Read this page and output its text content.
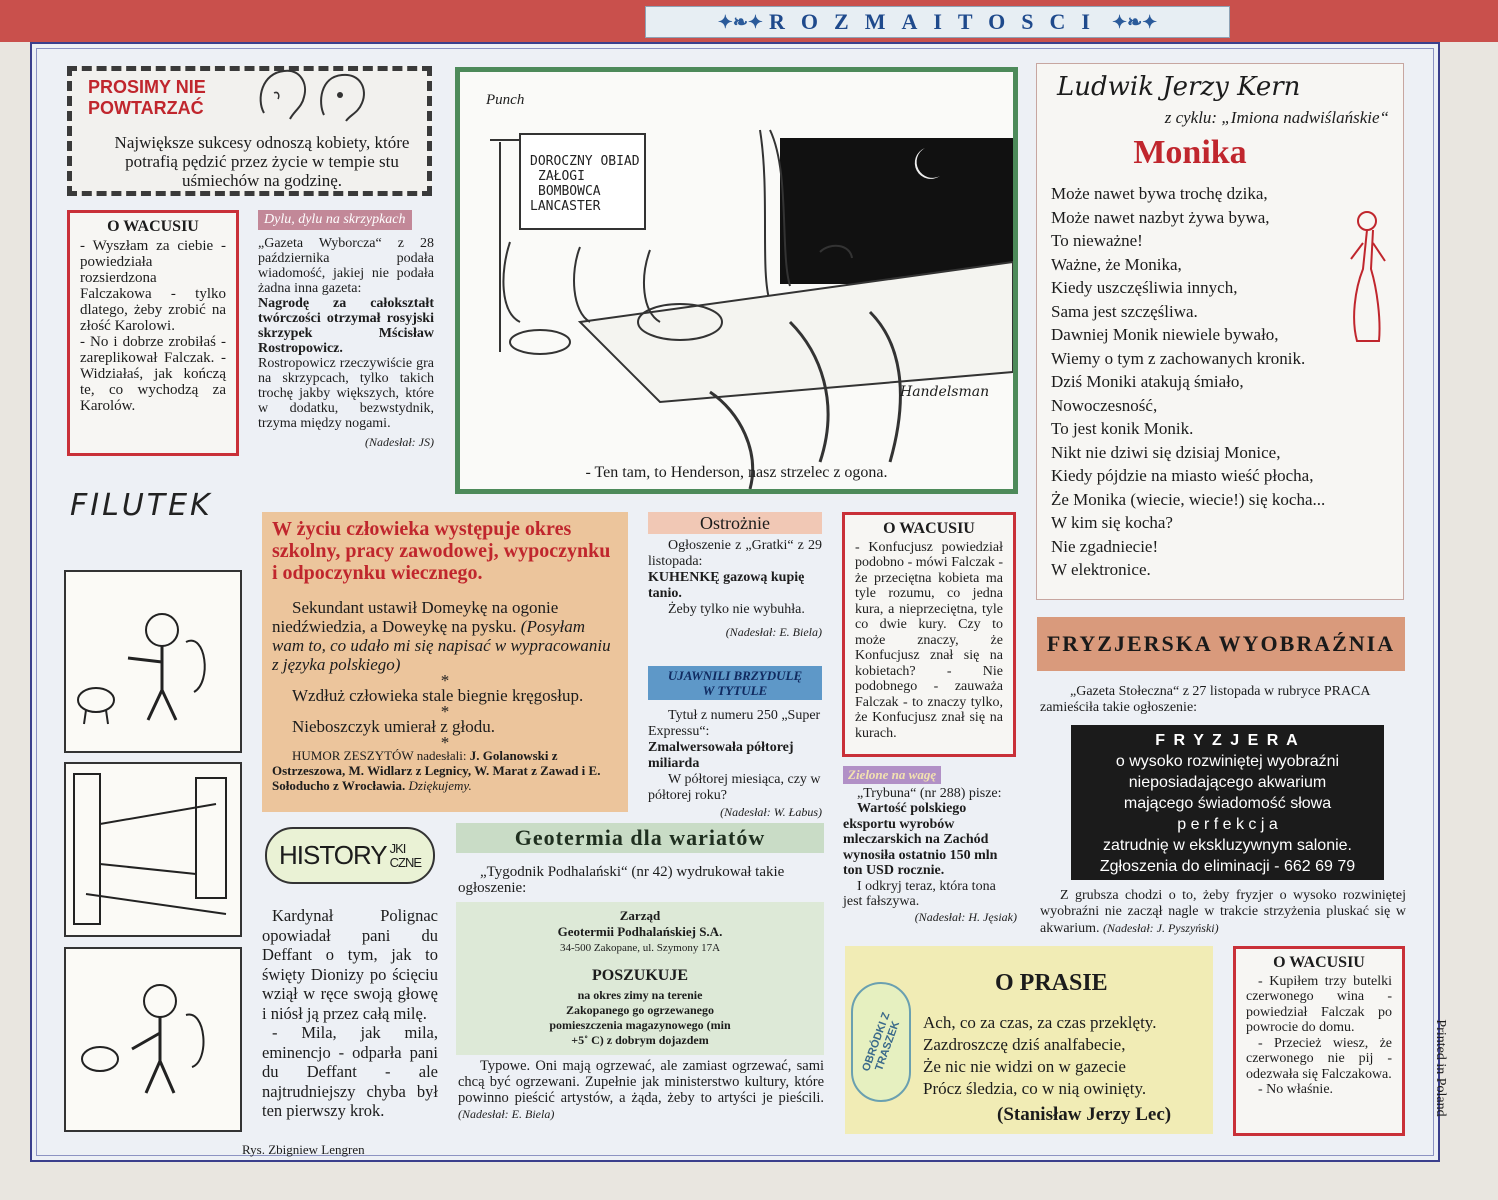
✦❧✦ ROZMAITOSCI ✦❧✦
PROSIMY NIE
POWTARZAĆ

Największe sukcesy odnoszą kobiety, które potrafią pędzić przez życie w tempie stu uśmiechów na godzinę.

O WACUSIU

- Wyszłam za ciebie - powiedziała rozsierdzona Falczakowa - tylko dlatego, żeby zrobić na złość Karolowi.

- No i dobrze zrobiłaś - zareplikował Falczak. - Widziałaś, jak kończą te, co wychodzą za Karolów.

Dylu, dylu na skrzypkach

„Gazeta Wyborcza“ z 28 października podała wiadomość, jakiej nie podała żadna inna gazeta:

Nagrodę za całokształt twórczości otrzymał rosyjski skrzypek Mścisław Rostropowicz.

Rostropowicz rzeczywiście gra na skrzypcach, tylko takich trochę jakby większych, które w dodatku, bezwstydnik, trzyma między nogami.

(Nadesłał: JS)

FILUTEK
Rys. Zbigniew Lengren
Punch
DOROCZNY OBIAD
ZAŁOGI
BOMBOWCA
LANCASTER
Handelsman
- Ten tam, to Henderson, nasz strzelec z ogona.
Ludwik Jerzy Kern
z cyklu: „Imiona nadwiślańskie“
Monika
Może nawet bywa trochę dzika,
Może nawet nazbyt żywa bywa,
To nieważne!
Ważne, że Monika,
Kiedy uszczęśliwia innych,
Sama jest szczęśliwa.
Dawniej Monik niewiele bywało,
Wiemy o tym z zachowanych kronik.
Dziś Moniki atakują śmiało,
Nowoczesność,
To jest konik Monik.
Nikt nie dziwi się dzisiaj Monice,
Kiedy pójdzie na miasto wieść płocha,
Że Monika (wiecie, wiecie!) się kocha...
W kim się kocha?
Nie zgadniecie!
W elektronice.

W życiu człowieka występuje okres szkolny, pracy zawodowej, wypoczynku i odpoczynku wiecznego.

Sekundant ustawił Domeykę na ogonie niedźwiedzia, a Doweykę na pysku. (Posyłam wam to, co udało mi się napisać w wypracowaniu z języka polskiego)

*

Wzdłuż człowieka stale biegnie kręgosłup.

*

Nieboszczyk umierał z głodu.

*

HUMOR ZESZYTÓW nadesłali: J. Golanowski z Ostrzeszowa, M. Widlarz z Legnicy, W. Marat z Zawad i E. Sołoducho z Wrocławia. Dziękujemy.

Ostrożnie

Ogłoszenie z „Gratki“ z 29 listopada:

KUHENKĘ gazową kupię tanio.

Żeby tylko nie wybuhła.

(Nadesłał: E. Biela)

UJAWNILI BRZYDULĘ
W TYTULE

Tytuł z numeru 250 „Super Expressu“:

Zmalwersowała półtorej miliarda

W półtorej miesiąca, czy w półtorej roku?

(Nadesłał: W. Łabus)

O WACUSIU

- Konfucjusz powiedział podobno - mówi Falczak - że przeciętna kobieta ma tyle rozumu, co jedna kura, a nieprzeciętna, tyle co dwie kury. Czy to może znaczy, że Konfucjusz znał się na kobietach? - Nie podobnego - zauważa Falczak - to znaczy tylko, że Konfucjusz znał się na kurach.

Zielone na wagę

„Trybuna“ (nr 288) pisze:

Wartość polskiego eksportu wyrobów mleczarskich na Zachód wynosiła ostatnio 150 mln ton USD rocznie.

I odkryj teraz, która tona jest fałszywa.

(Nadesłał: H. Jęsiak)

FRYZJERSKA WYOBRAŹNIA

„Gazeta Stołeczna“ z 27 listopada w rubryce PRACA zamieściła takie ogłoszenie:

F R Y Z J E R A
o wysoko rozwiniętej wyobraźni
nieposiadającego akwarium
mającego świadomość słowa
p e r f e k c j a
zatrudnię w ekskluzywnym salonie.
Zgłoszenia do eliminacji - 662 69 79

Z grubsza chodzi o to, żeby fryzjer o wysoko rozwiniętej wyobraźni nie zaczął nagle w trakcie strzyżenia pluskać się w akwarium. (Nadesłał: J. Pyszyński)

HISTORY JKI
CZNE

Kardynał Polignac opowiadał pani du Deffant o tym, jak to święty Dionizy po ścięciu wziął w ręce swoją głowę i niósł ją przez całą milę.

- Mila, jak mila, eminencjo - odparła pani du Deffant - ale najtrudniejszy chyba był ten pierwszy krok.

Geotermia dla wariatów

„Tygodnik Podhalański“ (nr 42) wydrukował takie ogłoszenie:

Zarząd
Geotermii Podhalańskiej S.A.
34-500 Zakopane, ul. Szymony 17A
POSZUKUJE
na okres zimy na terenie Zakopanego go ogrzewanego pomieszczenia magazynowego (min +5˚ C) z dobrym dojazdem

Typowe. Oni mają ogrzewać, ale zamiast ogrzewać, sami chcą być ogrzewani. Zupełnie jak ministerstwo kultury, które powinno pieścić artystów, a żąda, żeby to artyści je pieścili. (Nadesłał: E. Biela)

OBRÓDKI Z TRASZEK
O PRASIE
Ach, co za czas, za czas przeklęty.
Zazdroszczę dziś analfabecie,
Że nic nie widzi on w gazecie
Prócz śledzia, co w nią owinięty.
(Stanisław Jerzy Lec)
O WACUSIU

- Kupiłem trzy butelki czerwonego wina - powiedział Falczak po powrocie do domu.

- Przecież wiesz, że czerwonego nie pij - odezwała się Falczakowa.

- No właśnie.	Printed in Poland
